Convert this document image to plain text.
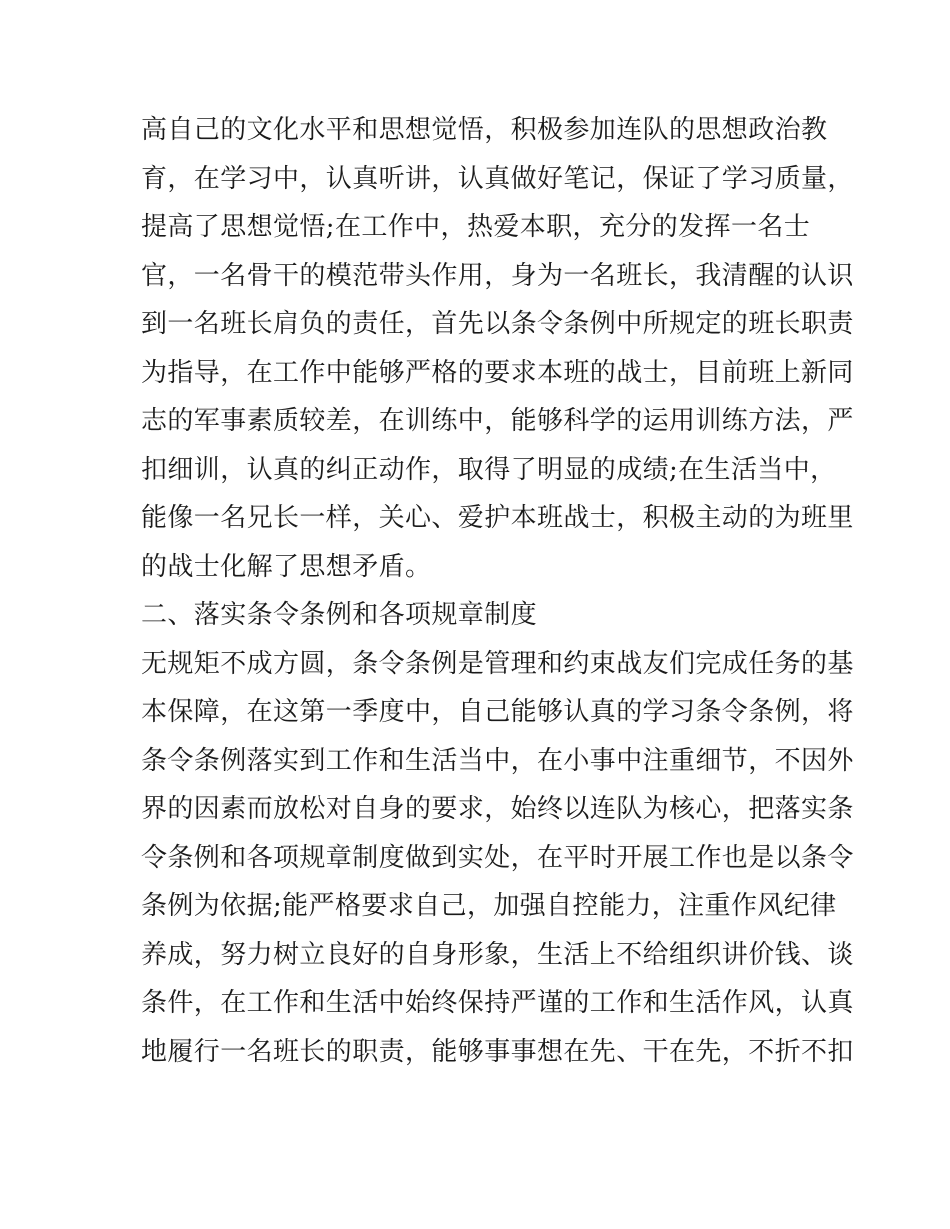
高自己的文化水平和思想觉悟，积极参加连队的思想政治教
育，在学习中，认真听讲，认真做好笔记，保证了学习质量，
提高了思想觉悟;在工作中，热爱本职，充分的发挥一名士
官，一名骨干的模范带头作用，身为一名班长，我清醒的认识
到一名班长肩负的责任，首先以条令条例中所规定的班长职责
为指导，在工作中能够严格的要求本班的战士，目前班上新同
志的军事素质较差，在训练中，能够科学的运用训练方法，严
扣细训，认真的纠正动作，取得了明显的成绩;在生活当中，
能像一名兄长一样，关心、爱护本班战士，积极主动的为班里
的战士化解了思想矛盾。
二、落实条令条例和各项规章制度
无规矩不成方圆，条令条例是管理和约束战友们完成任务的基
本保障，在这第一季度中，自己能够认真的学习条令条例，将
条令条例落实到工作和生活当中，在小事中注重细节，不因外
界的因素而放松对自身的要求，始终以连队为核心，把落实条
令条例和各项规章制度做到实处，在平时开展工作也是以条令
条例为依据;能严格要求自己，加强自控能力，注重作风纪律
养成，努力树立良好的自身形象，生活上不给组织讲价钱、谈
条件，在工作和生活中始终保持严谨的工作和生活作风，认真
地履行一名班长的职责，能够事事想在先、干在先，不折不扣
